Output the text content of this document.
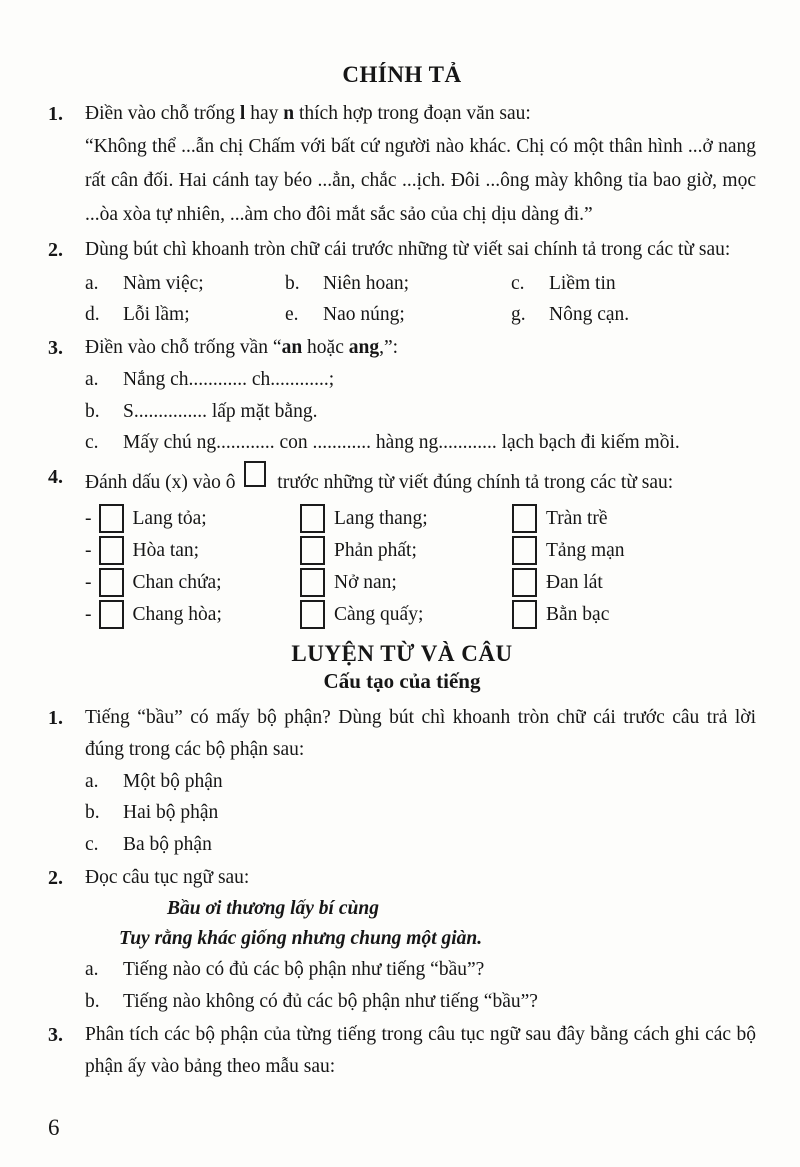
CHÍNH TẢ
1.	Điền vào chỗ trống l hay n thích hợp trong đoạn văn sau:
“Không thể ...ẫn chị Chấm với bất cứ người nào khác. Chị có một thân hình ...ở nang rất cân đối. Hai cánh tay béo ...ẳn, chắc ...ịch. Đôi ...ông mày không tỉa bao giờ, mọc ...òa xòa tự nhiên, ...àm cho đôi mắt sắc sảo của chị dịu dàng đi.”
2.	Dùng bút chì khoanh tròn chữ cái trước những từ viết sai chính tả trong các từ sau:
a.	Nàm việc;	b.	Niên hoan;	c.	Liềm tin
d.	Lỗi lầm;	e.	Nao núng;	g.	Nông cạn.
3.	Điền vào chỗ trống vần “an hoặc ang,”:
a.	Nắng ch............ ch............;
b.	S............... lấp mặt bằng.
c.	Mấy chú ng............ con ............ hàng ng............ lạch bạch đi kiếm mồi.
4.	Đánh dấu (x) vào ô  trước những từ viết đúng chính tả trong các từ sau:
- Lang tỏa;	Lang thang;	Tràn trề
- Hòa tan;	Phản phất;	Tảng mạn
- Chan chứa;	Nở nan;	Đan lát
- Chang hòa;	Càng quấy;	Bằn bạc
LUYỆN TỪ VÀ CÂU
Cấu tạo của tiếng
1.	Tiếng “bầu” có mấy bộ phận? Dùng bút chì khoanh tròn chữ cái trước câu trả lời đúng trong các bộ phận sau:
a.	Một bộ phận
b.	Hai bộ phận
c.	Ba bộ phận
2.	Đọc câu tục ngữ sau:
Bầu ơi thương lấy bí cùng
Tuy rằng khác giống nhưng chung một giàn.
a.	Tiếng nào có đủ các bộ phận như tiếng “bầu”?
b.	Tiếng nào không có đủ các bộ phận như tiếng “bầu”?
3.	Phân tích các bộ phận của từng tiếng trong câu tục ngữ sau đây bằng cách ghi các bộ phận ấy vào bảng theo mẫu sau:
6
